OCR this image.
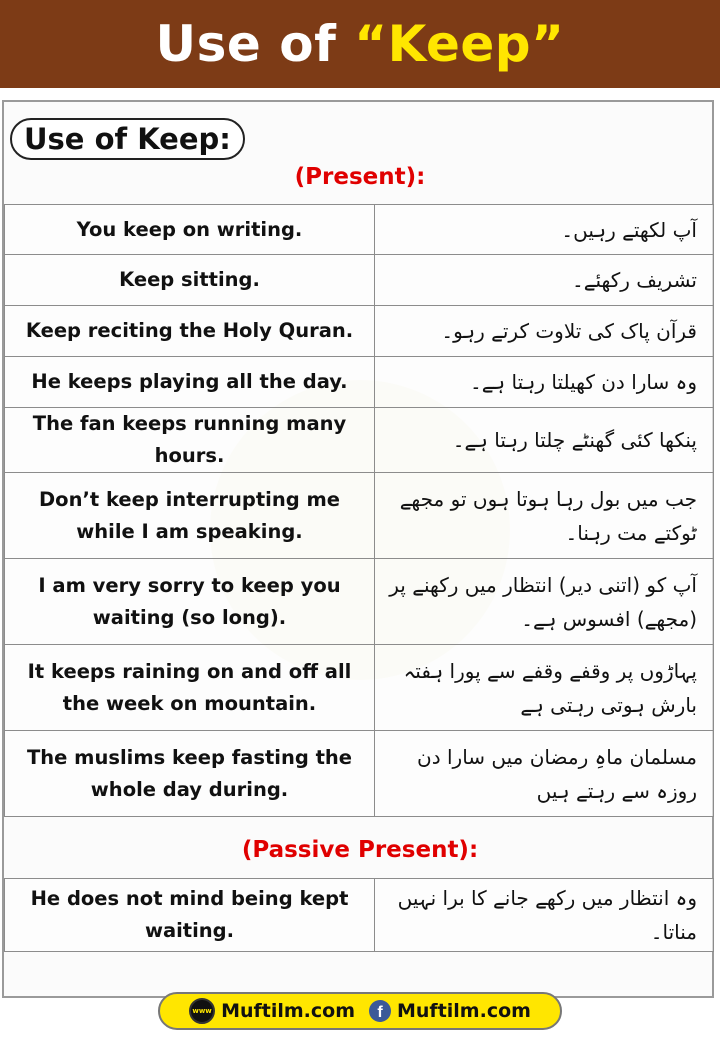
Use of “Keep”
Use of Keep:
(Present):
You keep on writing.	آپ لکھتے رہیں۔
Keep sitting.	تشریف رکھئے۔
Keep reciting the Holy Quran.	قرآن پاک کی تلاوت کرتے رہو۔
He keeps playing all the day.	وہ سارا دن کھیلتا رہتا ہے۔
The fan keeps running many hours.	پنکھا کئی گھنٹے چلتا رہتا ہے۔
Don’t keep interrupting me while I am speaking.	جب میں بول رہا ہوتا ہوں تو مجھے ٹوکتے مت رہنا۔
I am very sorry to keep you waiting (so long).	آپ کو (اتنی دیر) انتظار میں رکھنے پر (مجھے) افسوس ہے۔
It keeps raining on and off all the week on mountain.	پہاڑوں پر وقفے وقفے سے پورا ہفتہ بارش ہوتی رہتی ہے
The muslims keep fasting the whole day during.	مسلمان ماہِ رمضان میں سارا دن روزہ سے رہتے ہیں
(Passive Present):
He does not mind being kept waiting.	وہ انتظار میں رکھے جانے کا برا نہیں مناتا۔
www Muftilm.com	f Muftilm.com
